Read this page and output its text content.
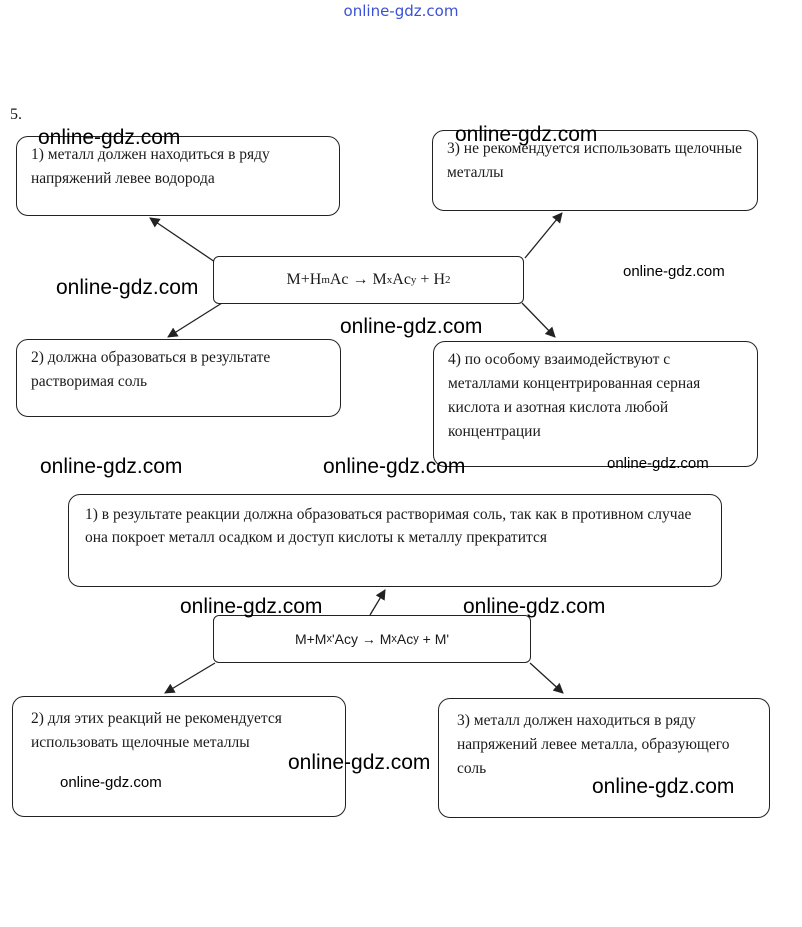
online-gdz.com
5.
1) металл должен находиться в ряду напряжений левее водорода
3) не рекомендуется использовать щелочные металлы
M+H m Ac → M x Ac y + H 2
2) должна образоваться в результате растворимая соль
4) по особому взаимодействуют с металлами концентрированная серная кислота и азотная кислота любой концентрации
1) в результате реакции должна образоваться растворимая соль, так как в противном случае она покроет металл осадком и доступ кислоты к металлу прекратится
M+M x 'Acy → M x Ac y + M'
2) для этих реакций не рекомендуется использовать щелочные металлы
3) металл должен находиться в ряду напряжений левее металла, образующего соль
online-gdz.com	online-gdz.com
online-gdz.com
online-gdz.com
online-gdz.com
online-gdz.com	online-gdz.com	online-gdz.com
online-gdz.com	online-gdz.com
online-gdz.com
online-gdz.com	online-gdz.com
